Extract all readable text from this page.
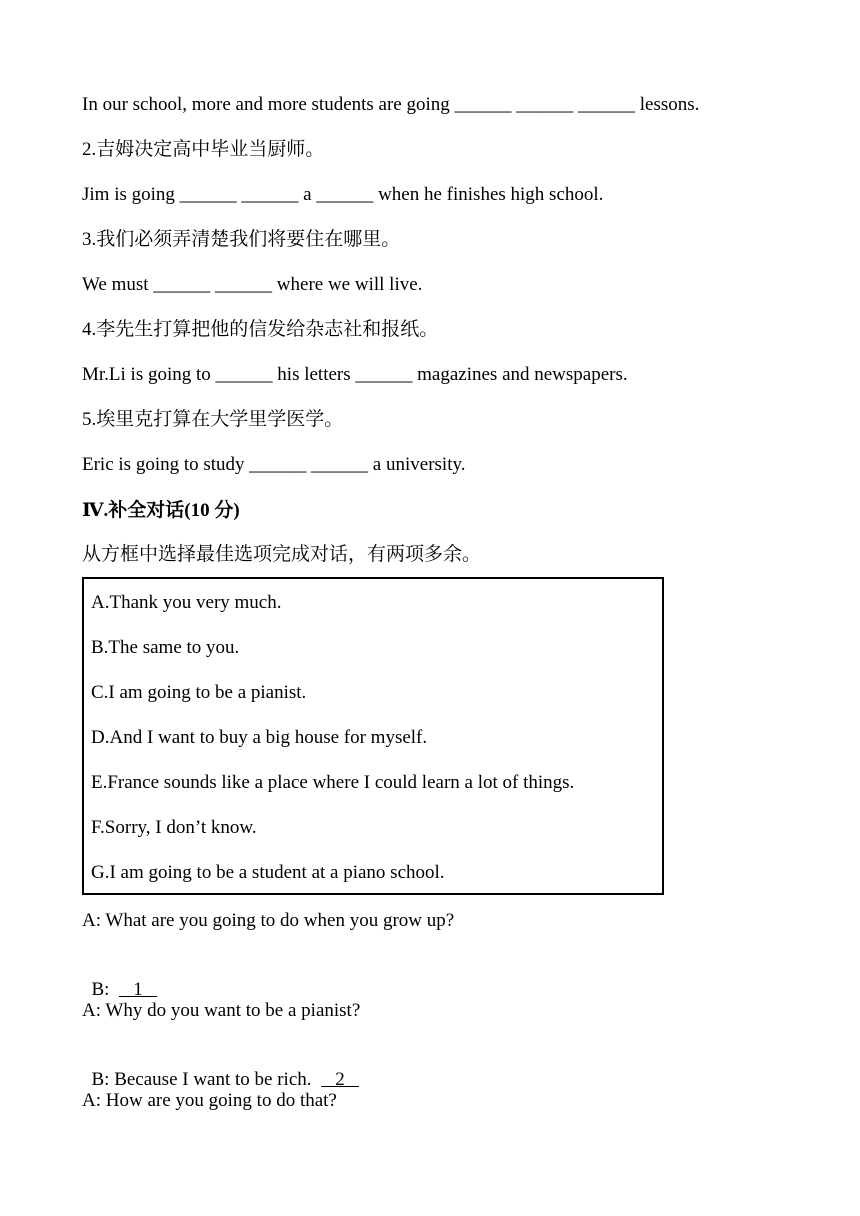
In our school, more and more students are going ______ ______ ______ lessons.
2.吉姆决定高中毕业当厨师。
Jim is going ______ ______ a ______ when he finishes high school.
3.我们必须弄清楚我们将要住在哪里。
We must ______ ______ where we will live.
4.李先生打算把他的信发给杂志社和报纸。
Mr.Li is going to ______ his letters ______ magazines and newspapers.
5.埃里克打算在大学里学医学。
Eric is going to study ______ ______ a university.
Ⅳ.补全对话(10 分)
从方框中选择最佳选项完成对话，有两项多余。
A.Thank you very much.
B.The same to you.
C.I am going to be a pianist.
D.And I want to buy a big house for myself.
E.France sounds like a place where I could learn a lot of things.
F.Sorry, I don’t know.
G.I am going to be a student at a piano school.
A: What are you going to do when you grow up?

B:     1

A: Why do you want to be a pianist?

B: Because I want to be rich.     2

A: How are you going to do that?
